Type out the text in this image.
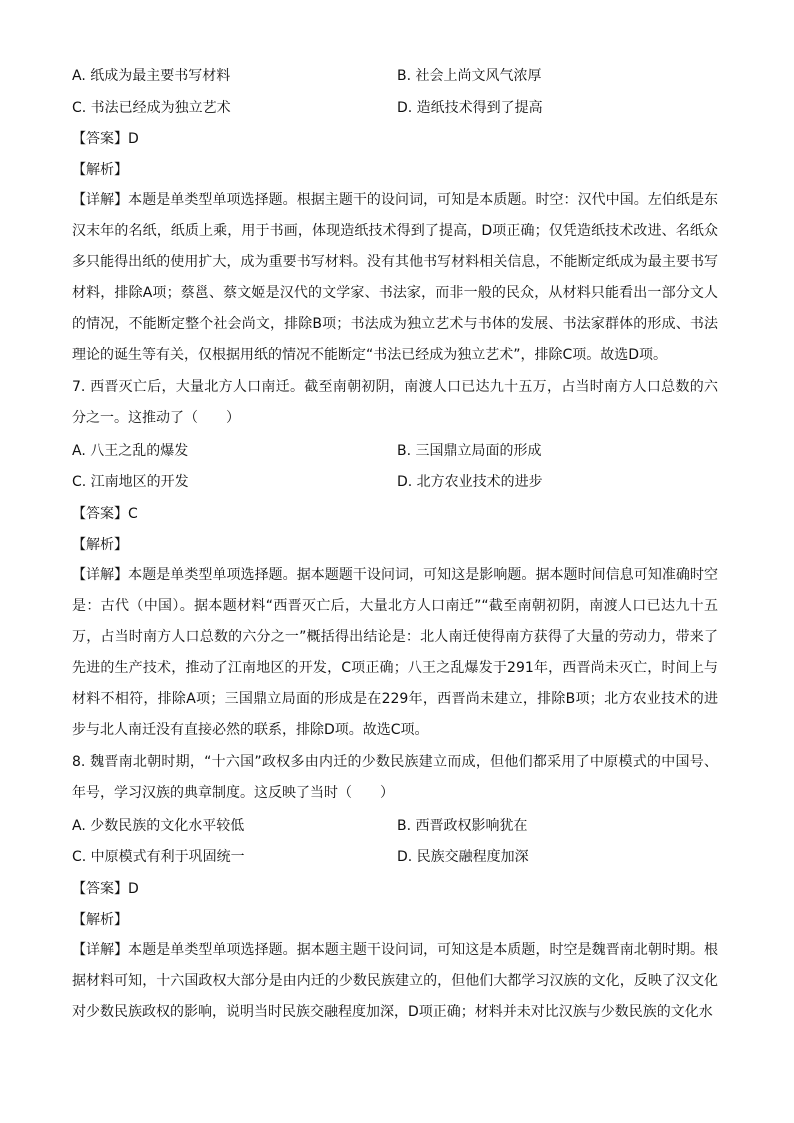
A. 纸成为最主要书写材料	B. 社会上尚文风气浓厚
C. 书法已经成为独立艺术	D. 造纸技术得到了提高
【答案】D
【解析】
【详解】本题是单类型单项选择题。根据主题干的设问词，可知是本质题。时空：汉代中国。左伯纸是东汉末年的名纸，纸质上乘，用于书画，体现造纸技术得到了提高，D项正确；仅凭造纸技术改进、名纸众多只能得出纸的使用扩大，成为重要书写材料。没有其他书写材料相关信息，不能断定纸成为最主要书写材料，排除A项；蔡邕、蔡文姬是汉代的文学家、书法家，而非一般的民众，从材料只能看出一部分文人的情况，不能断定整个社会尚文，排除B项；书法成为独立艺术与书体的发展、书法家群体的形成、书法理论的诞生等有关，仅根据用纸的情况不能断定“书法已经成为独立艺术”，排除C项。故选D项。
7. 西晋灭亡后，大量北方人口南迁。截至南朝初阴，南渡人口已达九十五万，占当时南方人口总数的六分之一。这推动了（　　）
A. 八王之乱的爆发	B. 三国鼎立局面的形成
C. 江南地区的开发	D. 北方农业技术的进步
【答案】C
【解析】
【详解】本题是单类型单项选择题。据本题题干设问词，可知这是影响题。据本题时间信息可知准确时空是：古代（中国）。据本题材料“西晋灭亡后，大量北方人口南迁”“截至南朝初阴，南渡人口已达九十五万，占当时南方人口总数的六分之一”概括得出结论是：北人南迁使得南方获得了大量的劳动力，带来了先进的生产技术，推动了江南地区的开发，C项正确；八王之乱爆发于291年，西晋尚未灭亡，时间上与材料不相符，排除A项；三国鼎立局面的形成是在229年，西晋尚未建立，排除B项；北方农业技术的进步与北人南迁没有直接必然的联系，排除D项。故选C项。
8. 魏晋南北朝时期，“十六国”政权多由内迁的少数民族建立而成，但他们都采用了中原模式的中国号、年号，学习汉族的典章制度。这反映了当时（　　）
A. 少数民族的文化水平较低	B. 西晋政权影响犹在
C. 中原模式有利于巩固统一	D. 民族交融程度加深
【答案】D
【解析】
【详解】本题是单类型单项选择题。据本题主题干设问词，可知这是本质题，时空是魏晋南北朝时期。根据材料可知，十六国政权大部分是由内迁的少数民族建立的，但他们大都学习汉族的文化，反映了汉文化对少数民族政权的影响，说明当时民族交融程度加深，D项正确；材料并未对比汉族与少数民族的文化水
